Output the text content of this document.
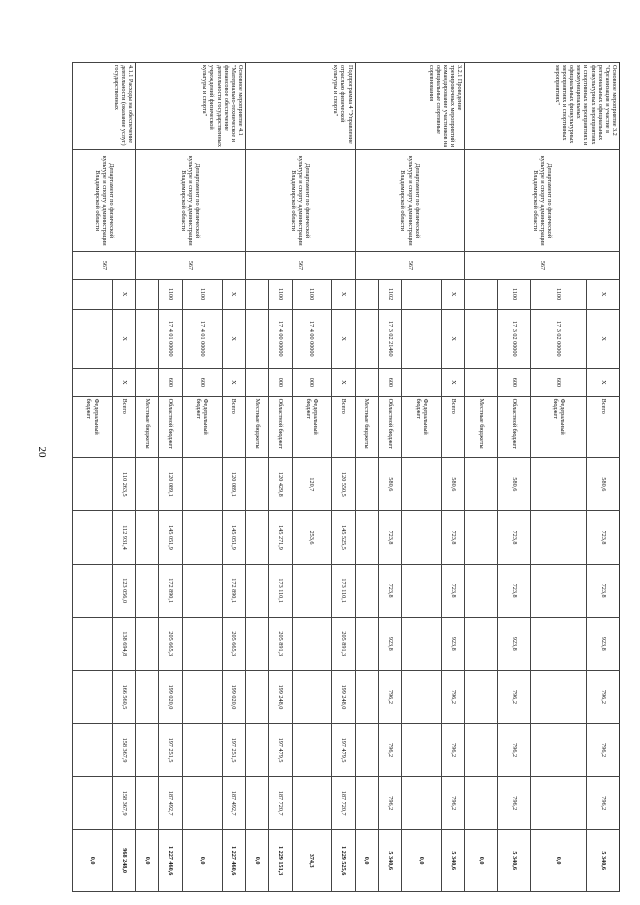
20
Основное мероприятие 3.2 "Организация и участие в региональных официальных физкультурных мероприятиях и спортивных мероприятиях и межмуниципальных официальных физкультурных мероприятиях и спортивных мероприятиях"	Департамент по физической культуре и спорту администрации Владимирской области	567	X	X	X	Всего	580,6	723,8	723,8	923,8	796,2	796,2	796,2	5 340,6
			1100	17 3 02 00000	600	Федеральный бюджет								0,0
			1100	17 3 02 00000	600	Областной бюджет	580,6	723,8	723,8	923,8	796,2	796,2	796,2	5 340,6
						Местные бюджеты								0,0
3.2.1 Проведение тренировочных мероприятий и командирование участников на официальные спортивные соревнования	Департамент по физической культуре и спорту администрации Владимирской области	567	X	X	X	Всего	580,6	723,8	723,8	923,8	796,2	796,2	796,2	5 340,6
						Федеральный бюджет								0,0
			1102	17 3 02 21460	600	Областной бюджет	580,6	723,8	723,8	923,8	796,2	796,2	796,2	5 340,6
						Местные бюджеты								0,0
Подпрограмма 4 "Управление отраслью физической культуры и спорта"	Департамент по физической культуре и спорту администрации Владимирской области	567	X	X	X	Всего	120 550,5	145 525,5	173 110,1	205 891,3	199 248,0	197 479,5	187 720,7	1 229 525,6
			1100	17 4 00 00000	000	Федеральный бюджет	120,7	253,6						374,3
			1100	17 4 00 00000	000	Областной бюджет	120 429,8	145 271,9	173 110,1	205 891,3	199 248,0	197 479,5	187 720,7	1 229 151,3
						Местные бюджеты								0,0
Основное мероприятие 4.1 "Материально-техническое и финансовое обеспечение деятельности государственных учреждений физической культуры и спорта"	Департамент по физической культуре и спорту администрации Владимирской области	567	X	X	X	Всего	120 089,1	145 051,9	172 890,1	205 665,3	199 020,0	197 251,5	187 492,7	1 227 460,6
			1100	17 4 01 00000	600	Федеральный бюджет								0,0
			1100	17 4 01 00000	600	Областной бюджет	120 089,1	145 051,9	172 890,1	205 665,3	199 020,0	197 251,5	187 492,7	1 227 460,6
						Местные бюджеты								0,0
4.1.1 Расходы на обеспечение деятельности (оказание услуг) государственных	Департамент по физической культуре и спорту администрации Владимирской области	567	X	X	X	Всего	110 263,5	112 931,4	123 056,0	138 694,8	166 560,5	158 367,9	158 367,9	968 248,0
						Федеральный бюджет								0,0
